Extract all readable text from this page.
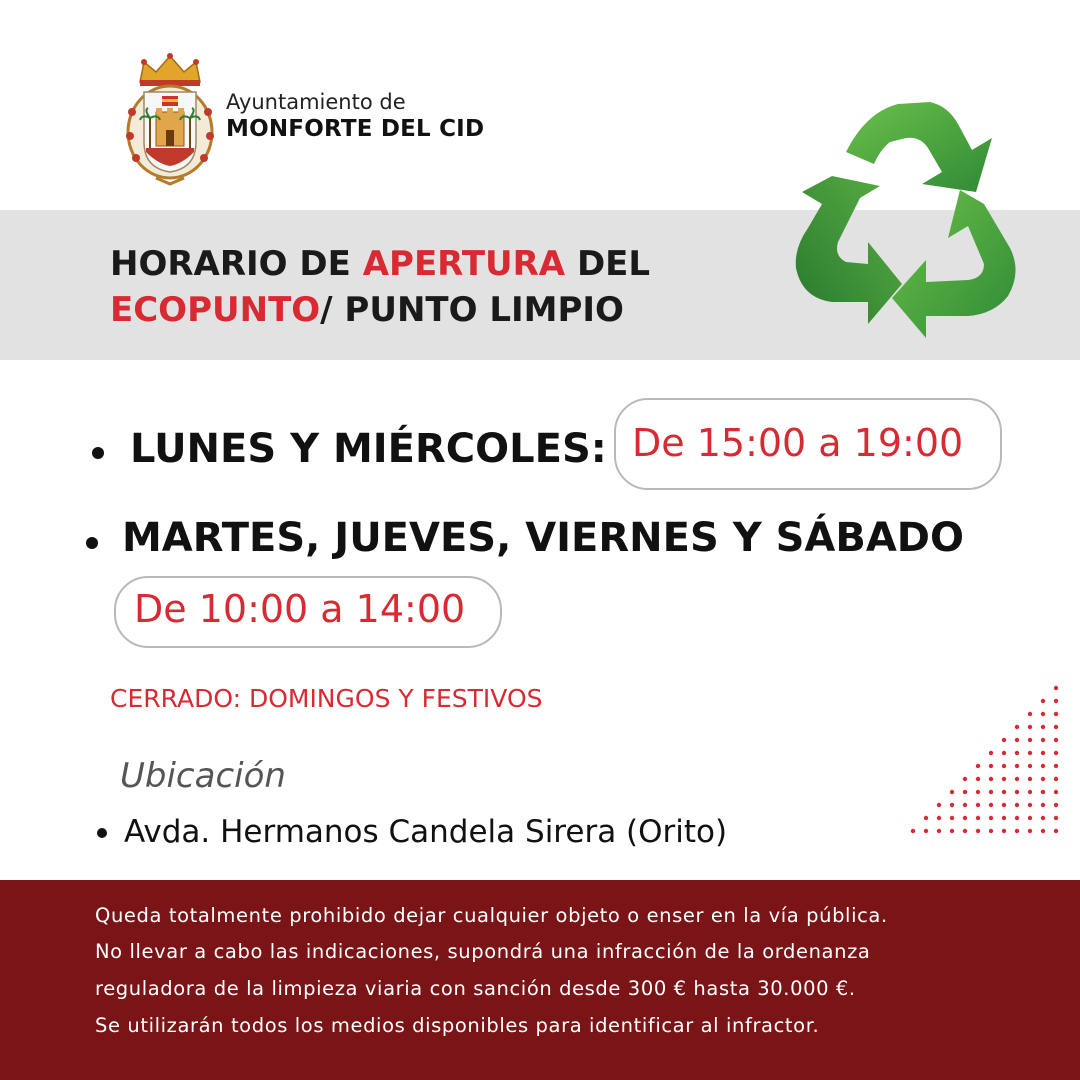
Ayuntamiento de
MONFORTE DEL CID
HORARIO DE APERTURA DEL
ECOPUNTO/ PUNTO LIMPIO
LUNES Y MIÉRCOLES: De 15:00 a 19:00
MARTES, JUEVES, VIERNES Y SÁBADO
De 10:00 a 14:00
CERRADO: DOMINGOS Y FESTIVOS
Ubicación
Avda. Hermanos Candela Sirera (Orito)
Queda totalmente prohibido dejar cualquier objeto o enser en la vía pública.
No llevar a cabo las indicaciones, supondrá una infracción de la ordenanza
reguladora de la limpieza viaria con sanción desde 300 € hasta 30.000 €.
Se utilizarán todos los medios disponibles para identificar al infractor.
